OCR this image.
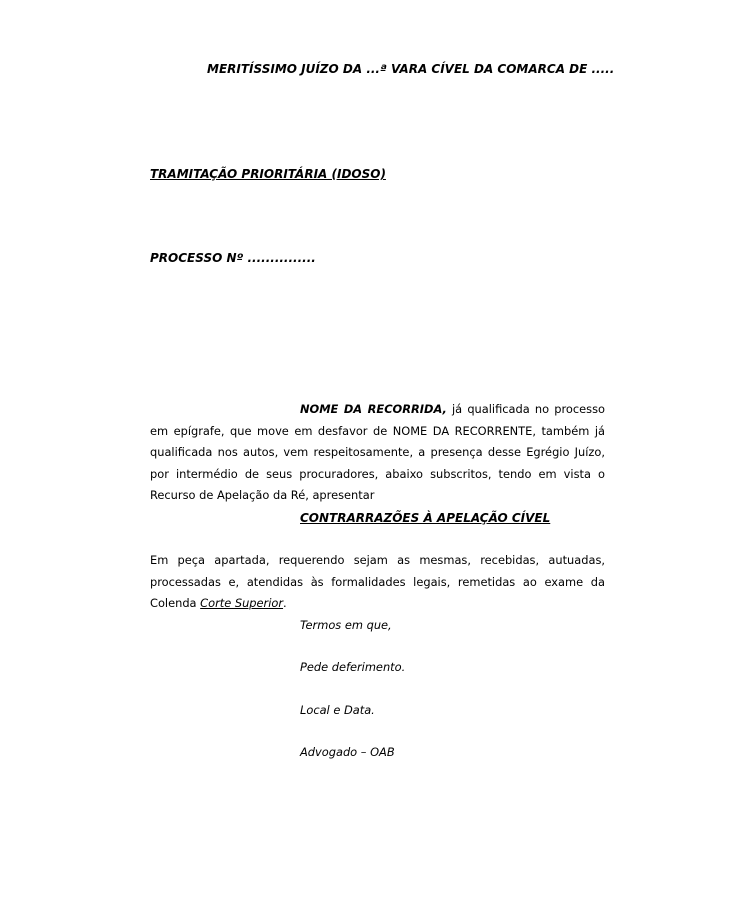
MERITÍSSIMO JUÍZO DA ...ª VARA CÍVEL DA COMARCA DE .....
TRAMITAÇÃO PRIORITÁRIA (IDOSO)
PROCESSO Nº ...............
NOME DA RECORRIDA, já qualificada no processo em epígrafe, que move em desfavor de NOME DA RECORRENTE, também já qualificada nos autos, vem respeitosamente, a presença desse Egrégio Juízo, por intermédio de seus procuradores, abaixo subscritos, tendo em vista o Recurso de Apelação da Ré, apresentar
CONTRARRAZÕES À APELAÇÃO CÍVEL
Em peça apartada, requerendo sejam as mesmas, recebidas, autuadas, processadas e, atendidas às formalidades legais, remetidas ao exame da Colenda Corte Superior.
Termos em que,
Pede deferimento.
Local e Data.
Advogado – OAB
